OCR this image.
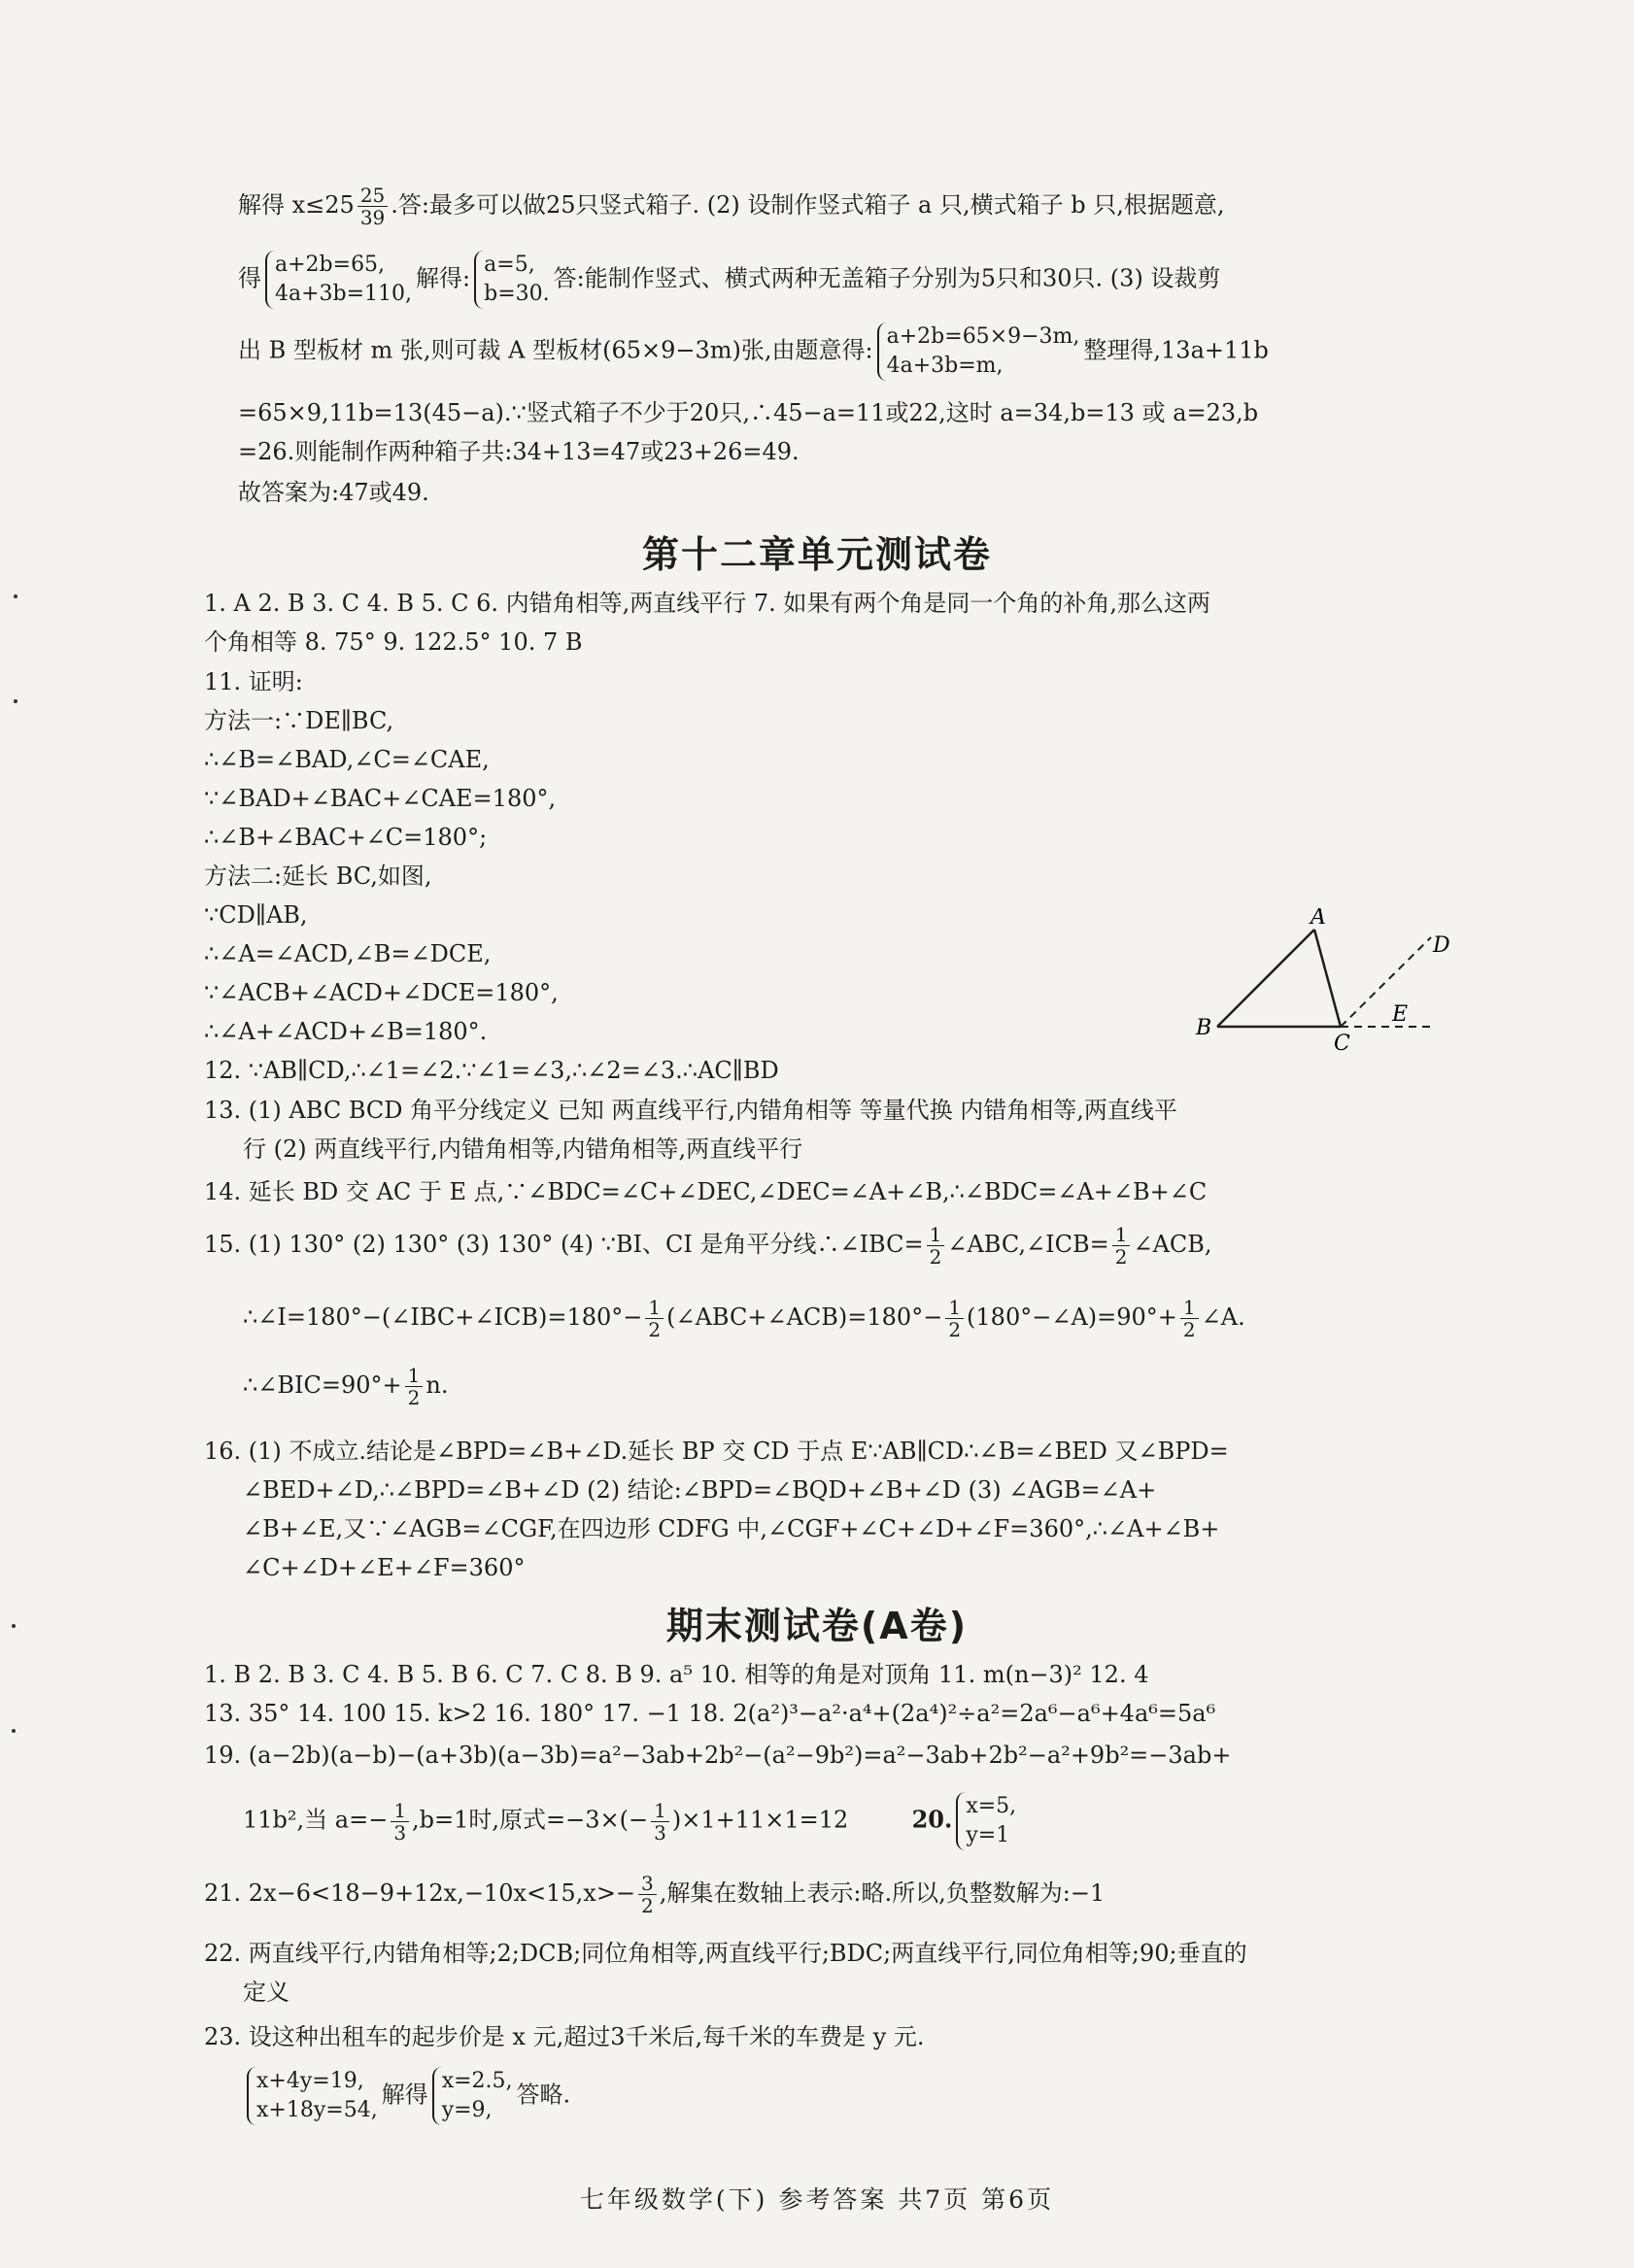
解得 $x\le 25 \frac{25}{39}$ .答:最多可以做25只竖式箱子. (2) 设制作竖式箱子 a 只,横式箱子 b 只,根据题意,
得 a+2b=65,
4a+3b=110,
解得: a=5,
b=30.
答:能制作竖式、横式两种无盖箱子分别为5只和30只. (3) 设裁剪
出 B 型板材 m 张,则可裁 A 型板材(65×9−3m)张,由题意得: a+2b=65×9−3m,
4a+3b=m,
整理得,13a+11b
=65×9,11b=13(45−a).∵竖式箱子不少于20只,∴45−a=11或22,这时 a=34,b=13 或 a=23,b
=26.则能制作两种箱子共:34+13=47或23+26=49.
故答案为:47或49.
第十二章单元测试卷
1. A 2. B 3. C 4. B 5. C 6. 内错角相等,两直线平行 7. 如果有两个角是同一个角的补角,那么这两
个角相等 8. 75° 9. 122.5° 10. 7 B
11. 证明:
方法一:∵DE∥BC,
∴∠B=∠BAD,∠C=∠CAE,
∵∠BAD+∠BAC+∠CAE=180°,
∴∠B+∠BAC+∠C=180°;
方法二:延长 BC,如图,
∵CD∥AB,
∴∠A=∠ACD,∠B=∠DCE,
∵∠ACB+∠ACD+∠DCE=180°,
∴∠A+∠ACD+∠B=180°.
A
B
C
D
E
12. ∵AB∥CD,∴∠1=∠2.∵∠1=∠3,∴∠2=∠3.∴AC∥BD
13. (1) ABC BCD 角平分线定义 已知 两直线平行,内错角相等 等量代换 内错角相等,两直线平
行 (2) 两直线平行,内错角相等,内错角相等,两直线平行
14. 延长 BD 交 AC 于 E 点,∵∠BDC=∠C+∠DEC,∠DEC=∠A+∠B,∴∠BDC=∠A+∠B+∠C
15. (1) 130° (2) 130° (3) 130° (4) ∵BI、CI 是角平分线∴∠IBC= $\frac{1}{2}$ ∠ABC,∠ICB= $\frac{1}{2}$ ∠ACB,
∴∠I=180°−(∠IBC+∠ICB)=180°− $\frac{1}{2}$ (∠ABC+∠ACB)=180°− $\frac{1}{2}$ (180°−∠A)=90°+ $\frac{1}{2}$ ∠A.
∴∠BIC=90°+ $\frac{1}{2} n$.
16. (1) 不成立.结论是∠BPD=∠B+∠D.延长 BP 交 CD 于点 E∵AB∥CD∴∠B=∠BED 又∠BPD=
∠BED+∠D,∴∠BPD=∠B+∠D (2) 结论:∠BPD=∠BQD+∠B+∠D (3) ∠AGB=∠A+
∠B+∠E,又∵∠AGB=∠CGF,在四边形 CDFG 中,∠CGF+∠C+∠D+∠F=360°,∴∠A+∠B+
∠C+∠D+∠E+∠F=360°
期末测试卷(A卷)
1. B 2. B 3. C 4. B 5. B 6. C 7. C 8. B 9. a⁵ 10. 相等的角是对顶角 11. m(n−3)² 12. 4
13. 35° 14. 100 15. k>2 16. 180° 17. −1 18. 2(a²)³−a²·a⁴+(2a⁴)²÷a²=2a⁶−a⁶+4a⁶=5a⁶
19. (a−2b)(a−b)−(a+3b)(a−3b)=a²−3ab+2b²−(a²−9b²)=a²−3ab+2b²−a²+9b²=−3ab+
11b²,当 $a=- \frac{1}{3} ,b=1$时,原式$=-3\times(- \frac{1}{3} )\times 1+11\times 1=12$	20. x=5,
y=1
21. $2x-6<18-9+12x,-10x<15,x>- \frac{3}{2}$ ,解集在数轴上表示:略.所以,负整数解为:−1
22. 两直线平行,内错角相等;2;DCB;同位角相等,两直线平行;BDC;两直线平行,同位角相等;90;垂直的
定义
23. 设这种出租车的起步价是 x 元,超过3千米后,每千米的车费是 y 元.
x+4y=19,
x+18y=54,
解得 x=2.5,
y=9,
答略.
七年级数学(下) 参考答案 共7页 第6页
